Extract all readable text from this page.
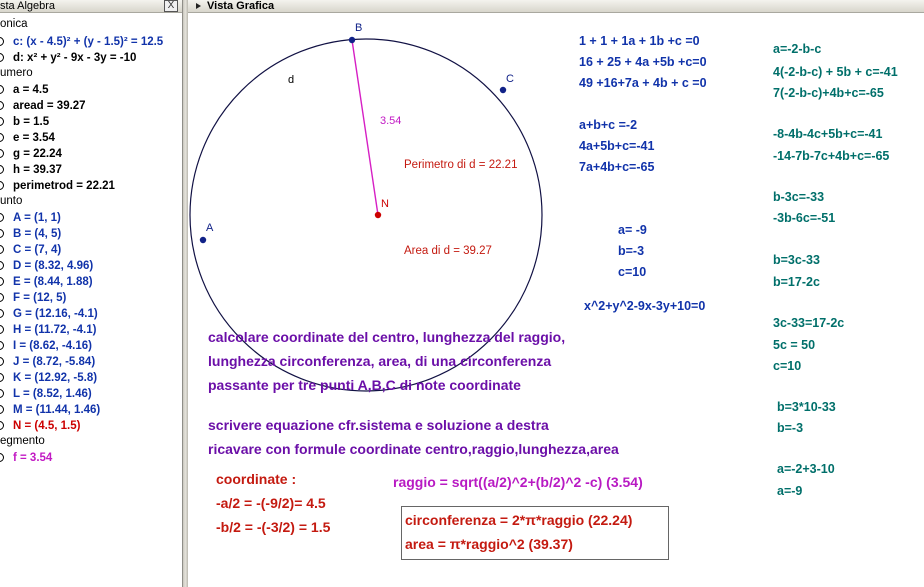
sta Algebra	X
onica
c: (x - 4.5)² + (y - 1.5)² = 12.5
d: x² + y² - 9x - 3y = -10
umero
unto
egmento
f = 3.54
a = 4.5
aread = 39.27
b = 1.5
e = 3.54
g = 22.24
h = 39.37
perimetrod = 22.21
A = (1, 1)
B = (4, 5)
C = (7, 4)
D = (8.32, 4.96)
E = (8.44, 1.88)
F = (12, 5)
G = (12.16, -4.1)
H = (11.72, -4.1)
I = (8.62, -4.16)
J = (8.72, -5.84)
K = (12.92, -5.8)
L = (8.52, 1.46)
M = (11.44, 1.46)
N = (4.5, 1.5)
Vista Grafica
B
C
A
N
d
3.54
Perimetro di d = 22.21
Area di d = 39.27
1 + 1 + 1a + 1b +c =0
16 + 25 + 4a +5b +c=0
49 +16+7a + 4b + c =0
a+b+c =-2
4a+5b+c=-41
7a+4b+c=-65
a= -9
b=-3
c=10
x^2+y^2-9x-3y+10=0
a=-2-b-c
4(-2-b-c) + 5b + c=-41
7(-2-b-c)+4b+c=-65
-8-4b-4c+5b+c=-41
-14-7b-7c+4b+c=-65
b-3c=-33
-3b-6c=-51
b=3c-33
b=17-2c
3c-33=17-2c
5c = 50
c=10
b=3*10-33
b=-3
a=-2+3-10
a=-9
calcolare coordinate del centro, lunghezza del raggio,
lunghezza circonferenza, area, di una circonferenza
passante per tre punti A,B,C di note coordinate
scrivere equazione cfr.sistema e soluzione a destra
ricavare con formule coordinate centro,raggio,lunghezza,area
coordinate :
-a/2 = -(-9/2)= 4.5
-b/2 = -(-3/2) = 1.5
raggio = sqrt((a/2)^2+(b/2)^2 -c) (3.54)
circonferenza = 2*π*raggio (22.24)
area = π*raggio^2 (39.37)
